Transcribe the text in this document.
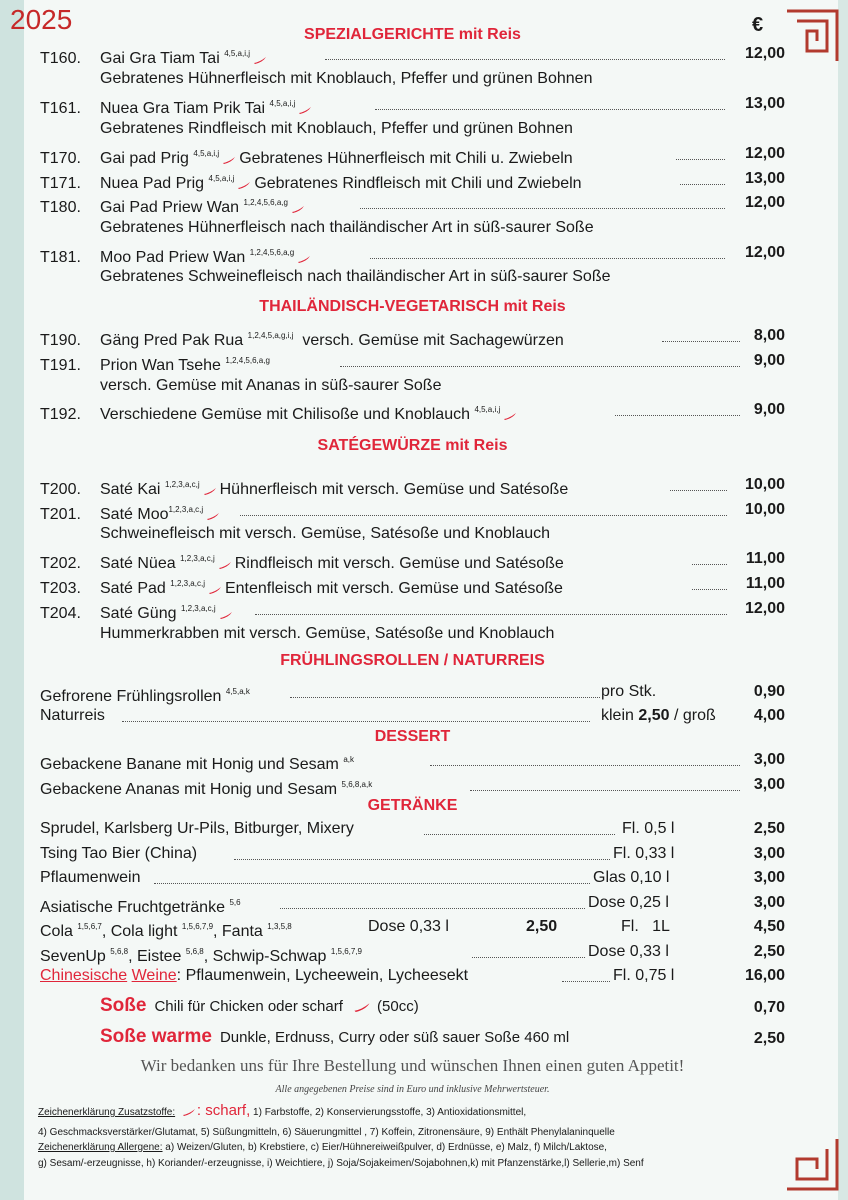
2025	€
SPEZIALGERICHTE mit Reis
T160. Gai Gra Tiam Tai $^{4,5,a,i,j}$	12,00
Gebratenes Hühnerfleisch mit Knoblauch, Pfeffer und grünen Bohnen
T161. Nuea Gra Tiam Prik Tai $^{4,5,a,i,j}$	13,00
Gebratenes Rindfleisch mit Knoblauch, Pfeffer und grünen Bohnen
T170. Gai pad Prig $^{4,5,a,i,j}$ Gebratenes Hühnerfleisch mit Chili u. Zwiebeln	12,00
T171. Nuea Pad Prig $^{4,5,a,i,j}$ Gebratenes Rindfleisch mit Chili und Zwiebeln	13,00
T180. Gai Pad Priew Wan $^{1,2,4,5,6,a,g}$	12,00
Gebratenes Hühnerfleisch nach thailändischer Art in süß-saurer Soße
T181. Moo Pad Priew Wan $^{1,2,4,5,6,a,g}$	12,00
Gebratenes Schweinefleisch nach thailändischer Art in süß-saurer Soße
THAILÄNDISCH-VEGETARISCH mit Reis
T190. Gäng Pred Pak Rua $^{1,2,4,5,a,g,i,j}$ versch. Gemüse mit Sachagewürzen	8,00
T191. Prion Wan Tsehe $^{1,2,4,5,6,a,g}$	9,00
versch. Gemüse mit Ananas in süß-saurer Soße
T192. Verschiedene Gemüse mit Chilisoße und Knoblauch $^{4,5,a,i,j}$	9,00
SATÉGEWÜRZE mit Reis
T200. Saté Kai $^{1,2,3,a,c,j}$ Hühnerfleisch mit versch. Gemüse und Satésoße	10,00
T201. Saté Moo$^{1,2,3,a,c,j}$	10,00
Schweinefleisch mit versch. Gemüse, Satésoße und Knoblauch
T202. Saté Nüea $^{1,2,3,a,c,j}$ Rindfleisch mit versch. Gemüse und Satésoße	11,00
T203. Saté Pad $^{1,2,3,a,c,j}$ Entenfleisch mit versch. Gemüse und Satésoße	11,00
T204. Saté Güng $^{1,2,3,a,c,j}$	12,00
Hummerkrabben mit versch. Gemüse, Satésoße und Knoblauch
FRÜHLINGSROLLEN / NATURREIS
Gefrorene Frühlingsrollen $^{4,5,a,k}$	pro Stk.	0,90
Naturreis	klein 2,50 / groß 4,00
DESSERT
Gebackene Banane mit Honig und Sesam $^{a,k}$	3,00
Gebackene Ananas mit Honig und Sesam $^{5,6,8,a,k}$	3,00
GETRÄNKE
Sprudel, Karlsberg Ur-Pils, Bitburger, Mixery	Fl. 0,5 l	2,50
Tsing Tao Bier (China)	Fl. 0,33 l	3,00
Pflaumenwein	Glas 0,10 l	3,00
Asiatische Fruchtgetränke $^{5,6}$	Dose 0,25 l	3,00
Cola $^{1,5,6,7}$, Cola light $^{1,5,6,7,9}$, Fanta $^{1,3,5,8}$	Dose 0,33 l	2,50	Fl.   1L	4,50
SevenUp $^{5,6,8}$, Eistee $^{5,6,8}$, Schwip-Schwap $^{1,5,6,7,9}$	Dose 0,33 l	2,50
Chinesische Weine: Pflaumenwein, Lycheewein, Lycheesekt	Fl. 0,75 l	16,00
Soße Chili für Chicken oder scharf (50cc)	0,70
Soße warme Dunkle, Erdnuss, Curry oder süß sauer Soße 460 ml	2,50
Wir bedanken uns für Ihre Bestellung und wünschen Ihnen einen guten Appetit!
Alle angegebenen Preise sind in Euro und inklusive Mehrwertsteuer.
Zeichenerklärung Zusatzstoffe: : scharf, 1) Farbstoffe, 2) Konservierungsstoffe, 3) Antioxidationsmittel,
4) Geschmacksverstärker/Glutamat, 5) Süßungmitteln, 6) Säuerungmittel , 7) Koffein, Zitronensäure, 9) Enthält Phenylalaninquelle
Zeichenerklärung Allergene: a) Weizen/Gluten, b) Krebstiere, c) Eier/Hühnereiweißpulver, d) Erdnüsse, e) Malz, f) Milch/Laktose,
g) Sesam/-erzeugnisse, h) Koriander/-erzeugnisse, i) Weichtiere, j) Soja/Sojakeimen/Sojabohnen,k) mit Pfanzenstärke,l) Sellerie,m) Senf
